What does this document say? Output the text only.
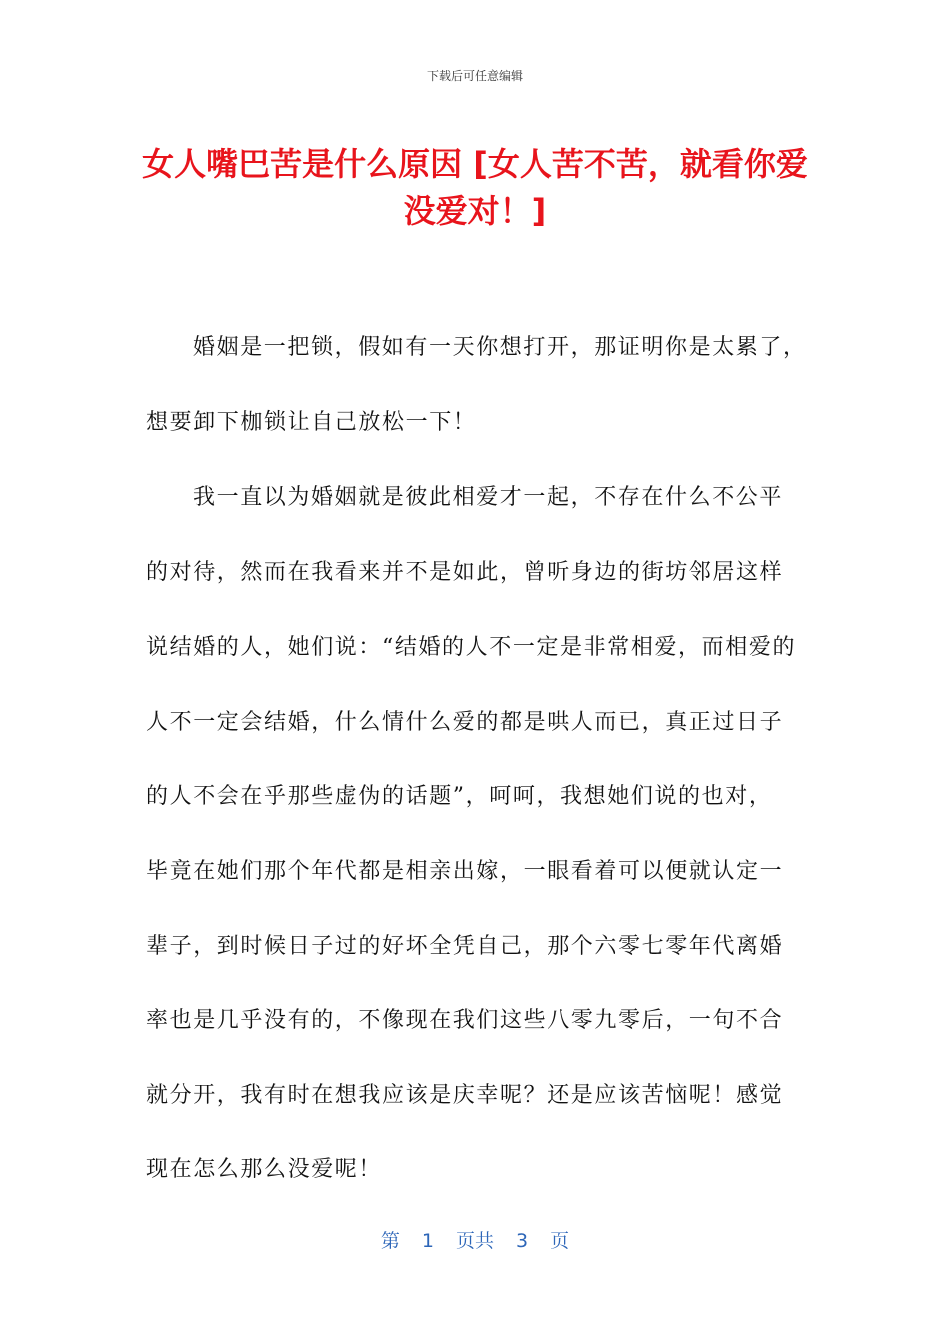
下载后可任意编辑
女人嘴巴苦是什么原因 [女人苦不苦，就看你爱没爱对！]
婚姻是一把锁，假如有一天你想打开，那证明你是太累了，
想要卸下枷锁让自己放松一下！
我一直以为婚姻就是彼此相爱才一起，不存在什么不公平
的对待，然而在我看来并不是如此，曾听身边的街坊邻居这样
说结婚的人，她们说：“结婚的人不一定是非常相爱，而相爱的
人不一定会结婚，什么情什么爱的都是哄人而已，真正过日子
的人不会在乎那些虚伪的话题”，呵呵，我想她们说的也对，
毕竟在她们那个年代都是相亲出嫁，一眼看着可以便就认定一
辈子，到时候日子过的好坏全凭自己，那个六零七零年代离婚
率也是几乎没有的，不像现在我们这些八零九零后，一句不合
就分开，我有时在想我应该是庆幸呢？还是应该苦恼呢！感觉
现在怎么那么没爱呢！
第 1 页共 3 页
